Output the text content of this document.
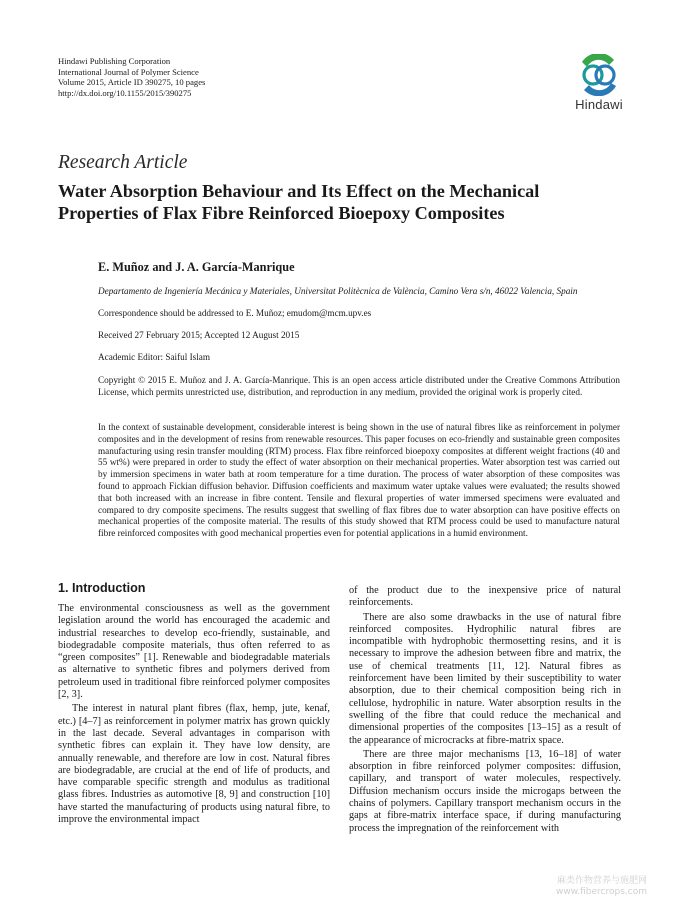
Hindawi Publishing Corporation
International Journal of Polymer Science
Volume 2015, Article ID 390275, 10 pages
http://dx.doi.org/10.1155/2015/390275
Hindawi
Research Article
Water Absorption Behaviour and Its Effect on the Mechanical
Properties of Flax Fibre Reinforced Bioepoxy Composites
E. Muñoz and J. A. García-Manrique
Departamento de Ingeniería Mecánica y Materiales, Universitat Politècnica de València, Camino Vera s/n, 46022 Valencia, Spain
Correspondence should be addressed to E. Muñoz; emudom@mcm.upv.es
Received 27 February 2015; Accepted 12 August 2015
Academic Editor: Saiful Islam
Copyright © 2015 E. Muñoz and J. A. García-Manrique. This is an open access article distributed under the Creative Commons Attribution License, which permits unrestricted use, distribution, and reproduction in any medium, provided the original work is properly cited.
In the context of sustainable development, considerable interest is being shown in the use of natural fibres like as reinforcement in polymer composites and in the development of resins from renewable resources. This paper focuses on eco-friendly and sustainable green composites manufacturing using resin transfer moulding (RTM) process. Flax fibre reinforced bioepoxy composites at different weight fractions (40 and 55 wt%) were prepared in order to study the effect of water absorption on their mechanical properties. Water absorption test was carried out by immersion specimens in water bath at room temperature for a time duration. The process of water absorption of these composites was found to approach Fickian diffusion behavior. Diffusion coefficients and maximum water uptake values were evaluated; the results showed that both increased with an increase in fibre content. Tensile and flexural properties of water immersed specimens were evaluated and compared to dry composite specimens. The results suggest that swelling of flax fibres due to water absorption can have positive effects on mechanical properties of the composite material. The results of this study showed that RTM process could be used to manufacture natural fibre reinforced composites with good mechanical properties even for potential applications in a humid environment.
1. Introduction

The environmental consciousness as well as the government legislation around the world has encouraged the academic and industrial researches to develop eco-friendly, sustainable, and biodegradable composite materials, thus often referred to as “green composites” [1]. Renewable and biodegradable materials as alternative to synthetic fibres and polymers derived from petroleum used in traditional fibre reinforced polymer composites [2, 3].

The interest in natural plant fibres (flax, hemp, jute, kenaf, etc.) [4–7] as reinforcement in polymer matrix has grown quickly in the last decade. Several advantages in comparison with synthetic fibres can explain it. They have low density, are annually renewable, and therefore are low in cost. Natural fibres are biodegradable, are crucial at the end of life of products, and have comparable specific strength and modulus as traditional glass fibres. Industries as automotive [8, 9] and construction [10] have started the manufacturing of products using natural fibre, to improve the environmental impact

of the product due to the inexpensive price of natural reinforcements.

There are also some drawbacks in the use of natural fibre reinforced composites. Hydrophilic natural fibres are incompatible with hydrophobic thermosetting resins, and it is necessary to improve the adhesion between fibre and matrix, the use of chemical treatments [11, 12]. Natural fibres as reinforcement have been limited by their susceptibility to water absorption, due to their chemical composition being rich in cellulose, hydrophilic in nature. Water absorption results in the swelling of the fibre that could reduce the mechanical and dimensional properties of the composites [13–15] as a result of the appearance of microcracks at fibre-matrix space.

There are three major mechanisms [13, 16–18] of water absorption in fibre reinforced polymer composites: diffusion, capillary, and transport of water molecules, respectively. Diffusion mechanism occurs inside the microgaps between the chains of polymers. Capillary transport mechanism occurs in the gaps at fibre-matrix interface space, if during manufacturing process the impregnation of the reinforcement with

麻类作物营养与施肥网
www.fibercrops.com
